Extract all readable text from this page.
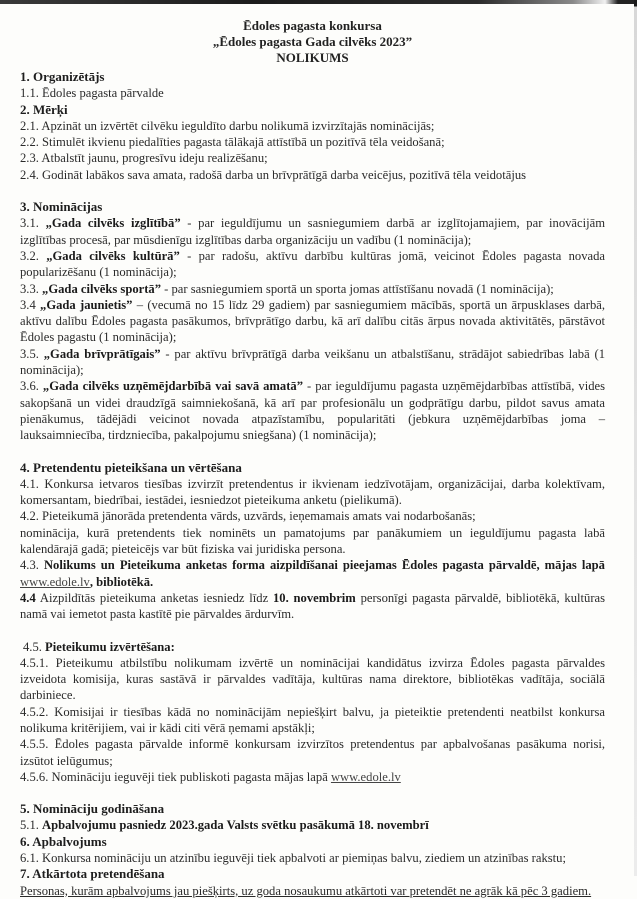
Ēdoles pagasta konkursa
„Ēdoles pagasta Gada cilvēks 2023”
NOLIKUMS
1. Organizētājs

1.1. Ēdoles pagasta pārvalde

2. Mērķi

2.1. Apzināt un izvērtēt cilvēku ieguldīto darbu nolikumā izvirzītajās nominācijās;

2.2. Stimulēt ikvienu piedalīties pagasta tālākajā attīstībā un pozitīvā tēla veidošanā;

2.3. Atbalstīt jaunu, progresīvu ideju realizēšanu;

2.4. Godināt labākos sava amata, radošā darba un brīvprātīgā darba veicējus, pozitīvā tēla veidotājus

3. Nominācijas

3.1. „Gada cilvēks izglītībā” - par ieguldījumu un sasniegumiem darbā ar izglītojamajiem, par inovācijām izglītības procesā, par mūsdienīgu izglītības darba organizāciju un vadību (1 nominācija);

3.2. „Gada cilvēks kultūrā” - par radošu, aktīvu darbību kultūras jomā, veicinot Ēdoles pagasta novada popularizēšanu (1 nominācija);

3.3. „Gada cilvēks sportā” - par sasniegumiem sportā un sporta jomas attīstīšanu novadā (1 nominācija);

3.4 „Gada jaunietis” – (vecumā no 15 līdz 29 gadiem) par sasniegumiem mācībās, sportā un ārpusklases darbā, aktīvu dalību Ēdoles pagasta pasākumos, brīvprātīgo darbu, kā arī dalību citās ārpus novada aktivitātēs, pārstāvot Ēdoles pagastu (1 nominācija);

3.5. „Gada brīvprātīgais” - par aktīvu brīvprātīgā darba veikšanu un atbalstīšanu, strādājot sabiedrības labā (1 nominācija);

3.6. „Gada cilvēks uzņēmējdarbībā vai savā amatā” - par ieguldījumu pagasta uzņēmējdarbības attīstībā, vides sakopšanā un videi draudzīgā saimniekošanā, kā arī par profesionālu un godprātīgu darbu, pildot savus amata pienākumus, tādējādi veicinot novada atpazīstamību, popularitāti (jebkura uzņēmējdarbības joma – lauksaimniecība, tirdzniecība, pakalpojumu sniegšana) (1 nominācija);

4. Pretendentu pieteikšana un vērtēšana

4.1. Konkursa ietvaros tiesības izvirzīt pretendentus ir ikvienam iedzīvotājam, organizācijai, darba kolektīvam, komersantam, biedrībai, iestādei, iesniedzot pieteikuma anketu (pielikumā).

4.2. Pieteikumā jānorāda pretendenta vārds, uzvārds, ieņemamais amats vai nodarbošanās;

nominācija, kurā pretendents tiek nominēts un pamatojums par panākumiem un ieguldījumu pagasta labā kalendārajā gadā; pieteicējs var būt fiziska vai juridiska persona.

4.3. Nolikums un Pieteikuma anketas forma aizpildīšanai pieejamas Ēdoles pagasta pārvaldē, mājas lapā www.edole.lv, bibliotēkā.

4.4 Aizpildītās pieteikuma anketas iesniedz līdz 10. novembrim personīgi pagasta pārvaldē, bibliotēkā, kultūras namā vai iemetot pasta kastītē pie pārvaldes ārdurvīm.

4.5. Pieteikumu izvērtēšana:

4.5.1. Pieteikumu atbilstību nolikumam izvērtē un nominācijai kandidātus izvirza Ēdoles pagasta pārvaldes izveidota komisija, kuras sastāvā ir pārvaldes vadītāja, kultūras nama direktore, bibliotēkas vadītāja, sociālā darbiniece.

4.5.2. Komisijai ir tiesības kādā no nominācijām nepiešķirt balvu, ja pieteiktie pretendenti neatbilst konkursa nolikuma kritērijiem, vai ir kādi citi vērā ņemami apstākļi;

4.5.5. Ēdoles pagasta pārvalde informē konkursam izvirzītos pretendentus par apbalvošanas pasākuma norisi, izsūtot ielūgumus;

4.5.6. Nomināciju ieguvēji tiek publiskoti pagasta mājas lapā www.edole.lv

5. Nomināciju godināšana

5.1. Apbalvojumu pasniedz 2023.gada Valsts svētku pasākumā 18. novembrī

6. Apbalvojums

6.1. Konkursa nomināciju un atzinību ieguvēji tiek apbalvoti ar piemiņas balvu, ziediem un atzinības rakstu;

7. Atkārtota pretendēšana

Personas, kurām apbalvojums jau piešķirts, uz goda nosaukumu atkārtoti var pretendēt ne agrāk kā pēc 3 gadiem.
